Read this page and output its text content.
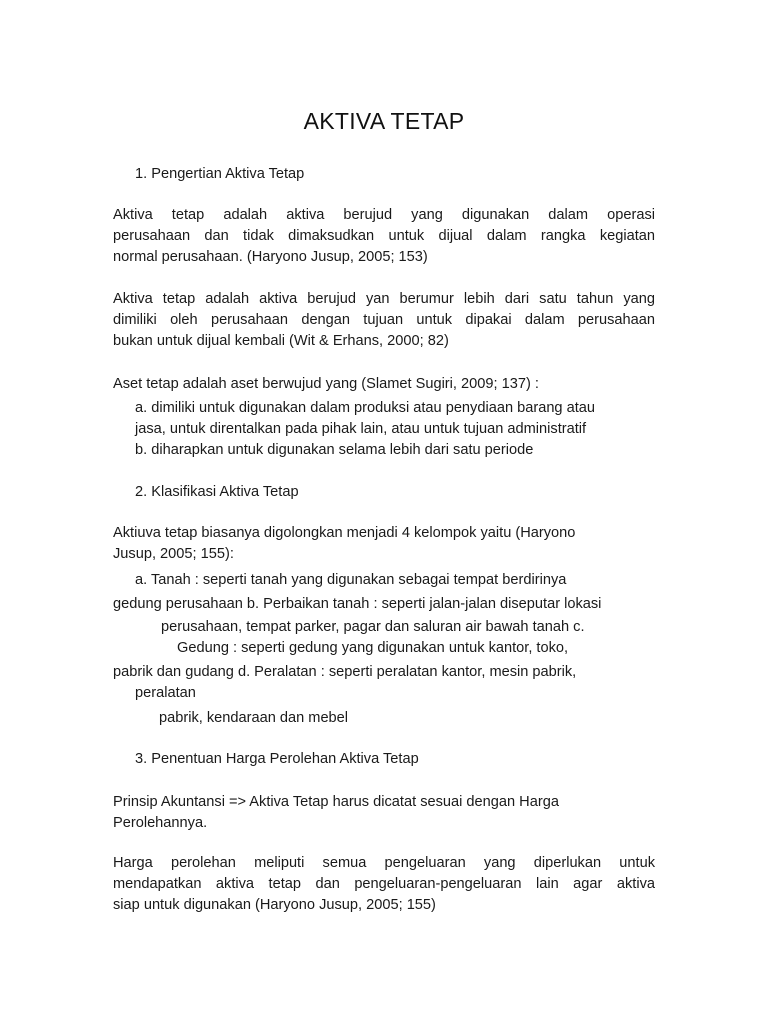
AKTIVA TETAP
1. Pengertian Aktiva Tetap
Aktiva tetap adalah aktiva berujud yang digunakan dalam operasi
perusahaan dan tidak dimaksudkan untuk dijual dalam rangka kegiatan
normal perusahaan. (Haryono Jusup, 2005; 153)
Aktiva tetap adalah aktiva berujud yan berumur lebih dari satu tahun yang
dimiliki oleh perusahaan dengan tujuan untuk dipakai dalam perusahaan
bukan untuk dijual kembali (Wit & Erhans, 2000; 82)
Aset tetap adalah aset berwujud yang (Slamet Sugiri, 2009; 137) :
a. dimiliki untuk digunakan dalam produksi atau penydiaan barang atau
jasa, untuk direntalkan pada pihak lain, atau untuk tujuan administratif
b. diharapkan untuk digunakan selama lebih dari satu periode
2. Klasifikasi Aktiva Tetap
Aktiuva tetap biasanya digolongkan menjadi 4 kelompok yaitu (Haryono
Jusup, 2005; 155):
a. Tanah : seperti tanah yang digunakan sebagai tempat berdirinya
gedung perusahaan b. Perbaikan tanah : seperti jalan-jalan diseputar lokasi
perusahaan, tempat parker, pagar dan saluran air bawah tanah c.
Gedung : seperti gedung yang digunakan untuk kantor, toko,
pabrik dan gudang d. Peralatan : seperti peralatan kantor, mesin pabrik,
peralatan
pabrik, kendaraan dan mebel
3. Penentuan Harga Perolehan Aktiva Tetap
Prinsip Akuntansi => Aktiva Tetap harus dicatat sesuai dengan Harga
Perolehannya.
Harga perolehan meliputi semua pengeluaran yang diperlukan untuk
mendapatkan aktiva tetap dan pengeluaran-pengeluaran lain agar aktiva
siap untuk digunakan (Haryono Jusup, 2005; 155)
